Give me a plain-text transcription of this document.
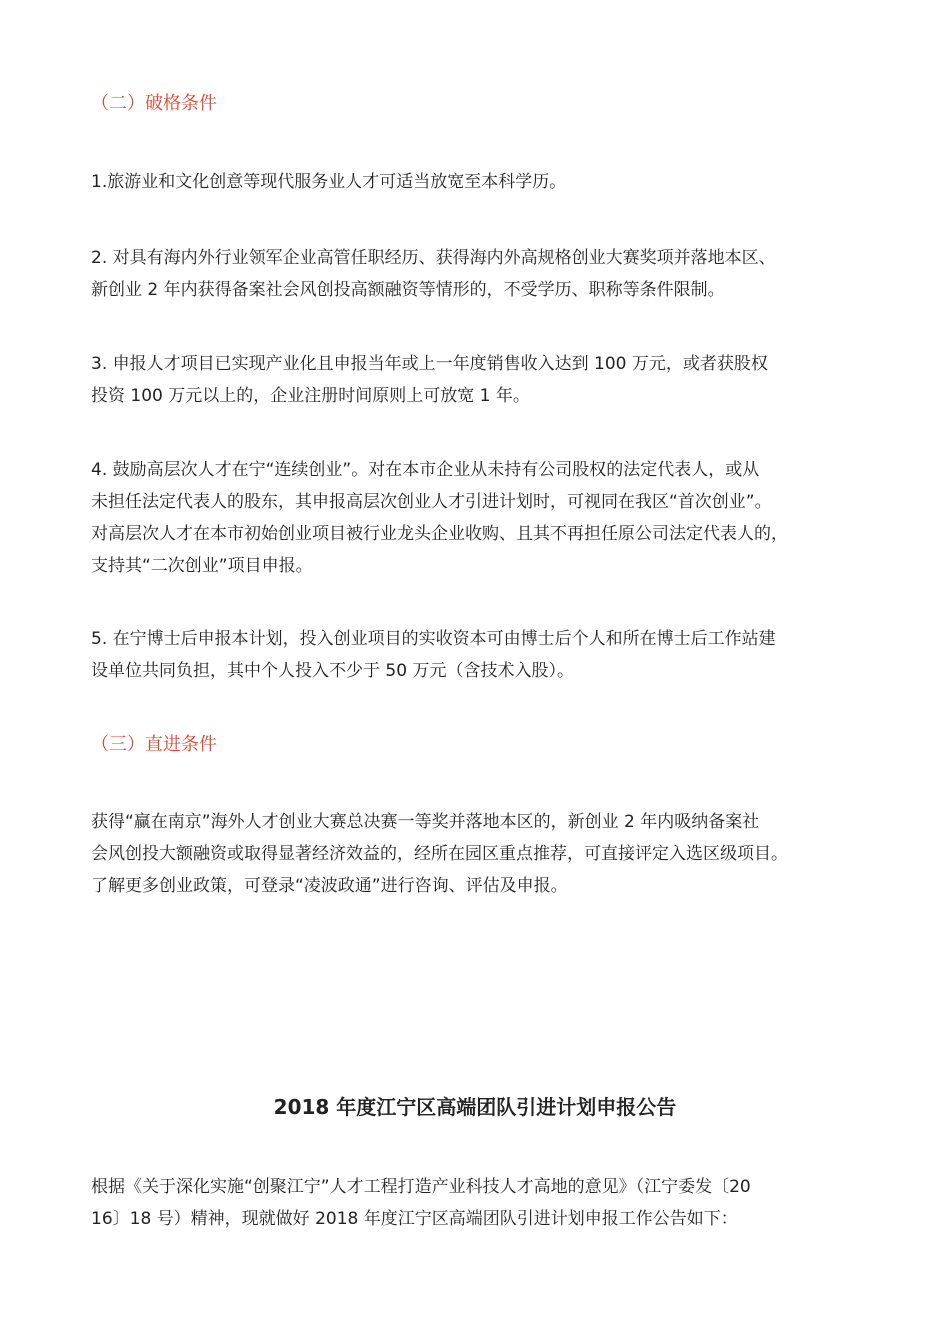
（二）破格条件

1.旅游业和文化创意等现代服务业人才可适当放宽至本科学历。

2. 对具有海内外行业领军企业高管任职经历、获得海内外高规格创业大赛奖项并落地本区、
新创业 2 年内获得备案社会风创投高额融资等情形的，不受学历、职称等条件限制。

3. 申报人才项目已实现产业化且申报当年或上一年度销售收入达到 100 万元，或者获股权
投资 100 万元以上的，企业注册时间原则上可放宽 1 年。

4. 鼓励高层次人才在宁“连续创业”。对在本市企业从未持有公司股权的法定代表人，或从
未担任法定代表人的股东，其申报高层次创业人才引进计划时，可视同在我区“首次创业”。
对高层次人才在本市初始创业项目被行业龙头企业收购、且其不再担任原公司法定代表人的，
支持其“二次创业”项目申报。

5. 在宁博士后申报本计划，投入创业项目的实收资本可由博士后个人和所在博士后工作站建
设单位共同负担，其中个人投入不少于 50 万元（含技术入股）。

（三）直进条件

获得“赢在南京”海外人才创业大赛总决赛一等奖并落地本区的，新创业 2 年内吸纳备案社
会风创投大额融资或取得显著经济效益的，经所在园区重点推荐，可直接评定入选区级项目。
了解更多创业政策，可登录“凌波政通”进行咨询、评估及申报。

2018 年度江宁区高端团队引进计划申报公告

根据《关于深化实施“创聚江宁”人才工程打造产业科技人才高地的意见》（江宁委发〔20
16〕18 号）精神，现就做好 2018 年度江宁区高端团队引进计划申报工作公告如下：
